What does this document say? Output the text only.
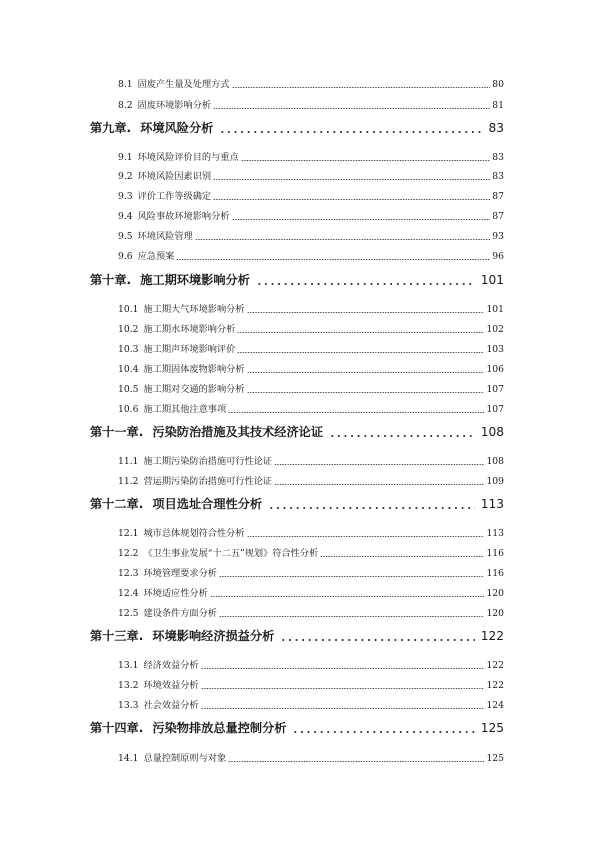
8.1 固废产生量及处理方式	80
8.2 固废环境影响分析	81
第九章. 环境风险分析	83
9.1 环境风险评价目的与重点	83
9.2 环境风险因素识别	83
9.3 评价工作等级确定	87
9.4 风险事故环境影响分析	87
9.5 环境风险管理	93
9.6 应急预案	96
第十章. 施工期环境影响分析	101
10.1 施工期大气环境影响分析	101
10.2 施工期水环境影响分析	102
10.3 施工期声环境影响评价	103
10.4 施工期固体废物影响分析	106
10.5 施工期对交通的影响分析	107
10.6 施工期其他注意事项	107
第十一章. 污染防治措施及其技术经济论证	108
11.1 施工期污染防治措施可行性论证	108
11.2 营运期污染防治措施可行性论证	109
第十二章. 项目选址合理性分析	113
12.1 城市总体规划符合性分析	113
12.2 《卫生事业发展“十二五”规划》符合性分析	116
12.3 环境管理要求分析	116
12.4 环境适应性分析	120
12.5 建设条件方面分析	120
第十三章. 环境影响经济损益分析	122
13.1 经济效益分析	122
13.2 环境效益分析	122
13.3 社会效益分析	124
第十四章. 污染物排放总量控制分析	125
14.1 总量控制原则与对象	125
